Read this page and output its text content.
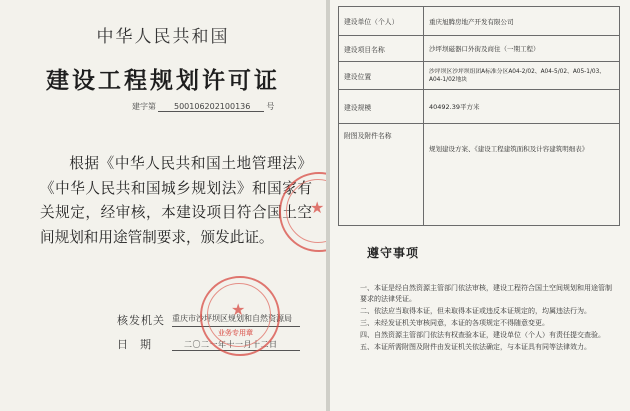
中华人民共和国
建设工程规划许可证
建字第 500106202100136 号
根据《中华人民共和国土地管理法》《中华人民共和国城乡规划法》和国家有关规定，经审核，本建设项目符合国土空间规划和用途管制要求，颁发此证。
核发机关 重庆市沙坪坝区规划和自然资源局
日期	二〇二一年十一月十二日
★
业务专用章
★
建设单位（个人）	重庆旭腾房地产开发有限公司
建设项目名称	沙坪坝磁器口外街及商住（一期工程）
建设位置	沙坪坝区沙坪坝组团A标准分区A04-2/02、A04-5/02、A05-1/03、A04-1/02地块
建设规模	40492.39平方米
附图及附件名称	规划建设方案、《建设工程建筑面积及计容建筑明细表》
遵守事项
一、本证是经自然资源主管部门依法审核，建设工程符合国土空间规划和用途管制要求的法律凭证。
二、依法应当取得本证，但未取得本证或违反本证规定的，均属违法行为。
三、未经发证机关审核同意，本证的各项规定不得随意变更。
四、自然资源主管部门依法有权查验本证，建设单位（个人）有责任提交查验。
五、本证所需附图及附件由发证机关依法确定，与本证具有同等法律效力。
